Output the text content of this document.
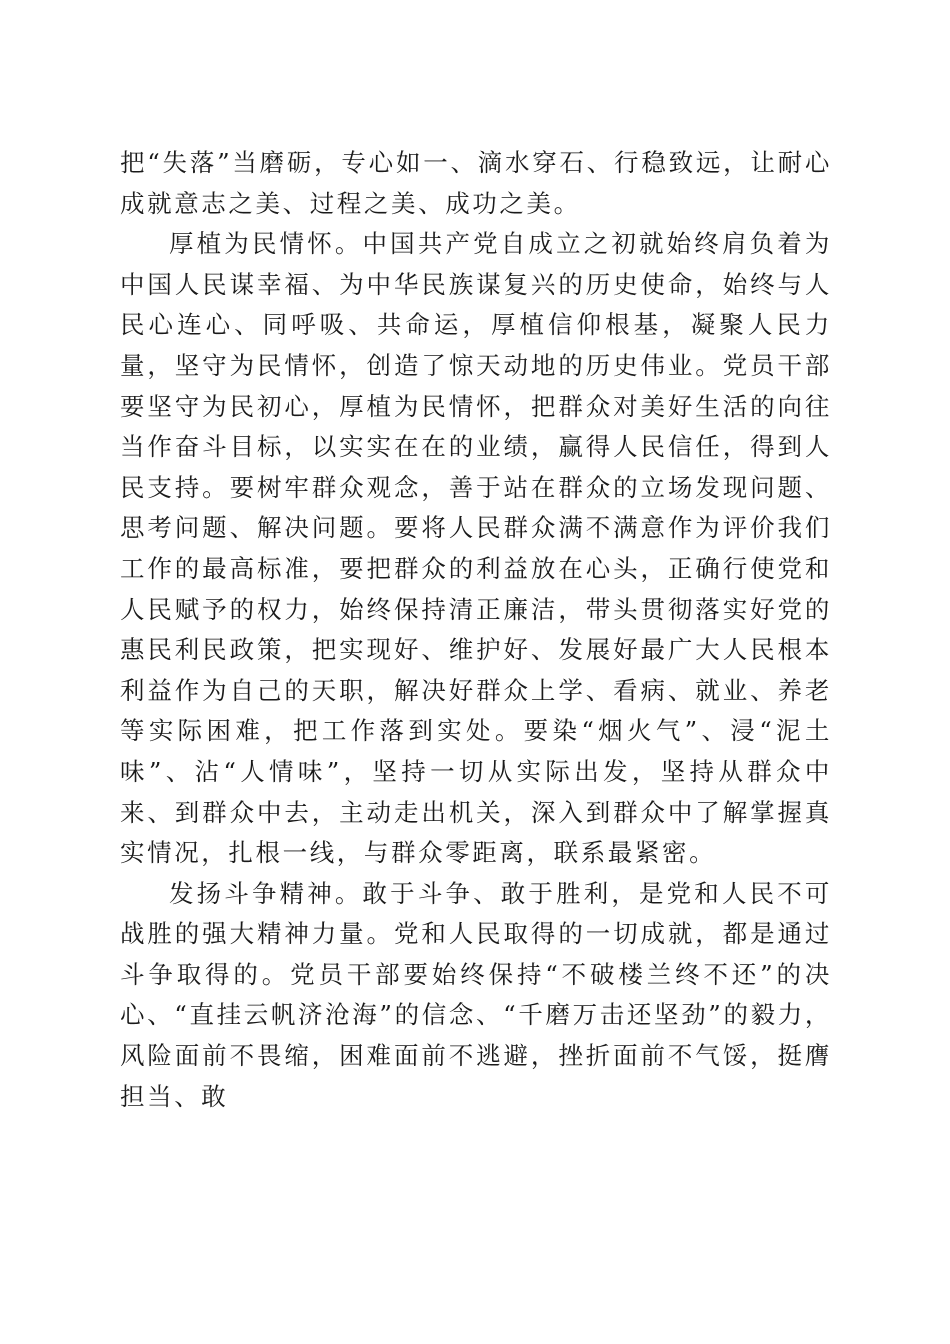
把“失落”当磨砺，专心如一、滴水穿石、行稳致远，让耐心成就意志之美、过程之美、成功之美。

厚植为民情怀。中国共产党自成立之初就始终肩负着为中国人民谋幸福、为中华民族谋复兴的历史使命，始终与人民心连心、同呼吸、共命运，厚植信仰根基，凝聚人民力量，坚守为民情怀，创造了惊天动地的历史伟业。党员干部要坚守为民初心，厚植为民情怀，把群众对美好生活的向往当作奋斗目标，以实实在在的业绩，赢得人民信任，得到人民支持。要树牢群众观念，善于站在群众的立场发现问题、思考问题、解决问题。要将人民群众满不满意作为评价我们工作的最高标准，要把群众的利益放在心头，正确行使党和人民赋予的权力，始终保持清正廉洁，带头贯彻落实好党的惠民利民政策，把实现好、维护好、发展好最广大人民根本利益作为自己的天职，解决好群众上学、看病、就业、养老等实际困难，把工作落到实处。要染“烟火气”、浸“泥土味”、沾“人情味”，坚持一切从实际出发，坚持从群众中来、到群众中去，主动走出机关，深入到群众中了解掌握真实情况，扎根一线，与群众零距离，联系最紧密。

发扬斗争精神。敢于斗争、敢于胜利，是党和人民不可战胜的强大精神力量。党和人民取得的一切成就，都是通过斗争取得的。党员干部要始终保持“不破楼兰终不还”的决心、“直挂云帆济沧海”的信念、“千磨万击还坚劲”的毅力，风险面前不畏缩，困难面前不逃避，挫折面前不气馁，挺膺担当、敢
